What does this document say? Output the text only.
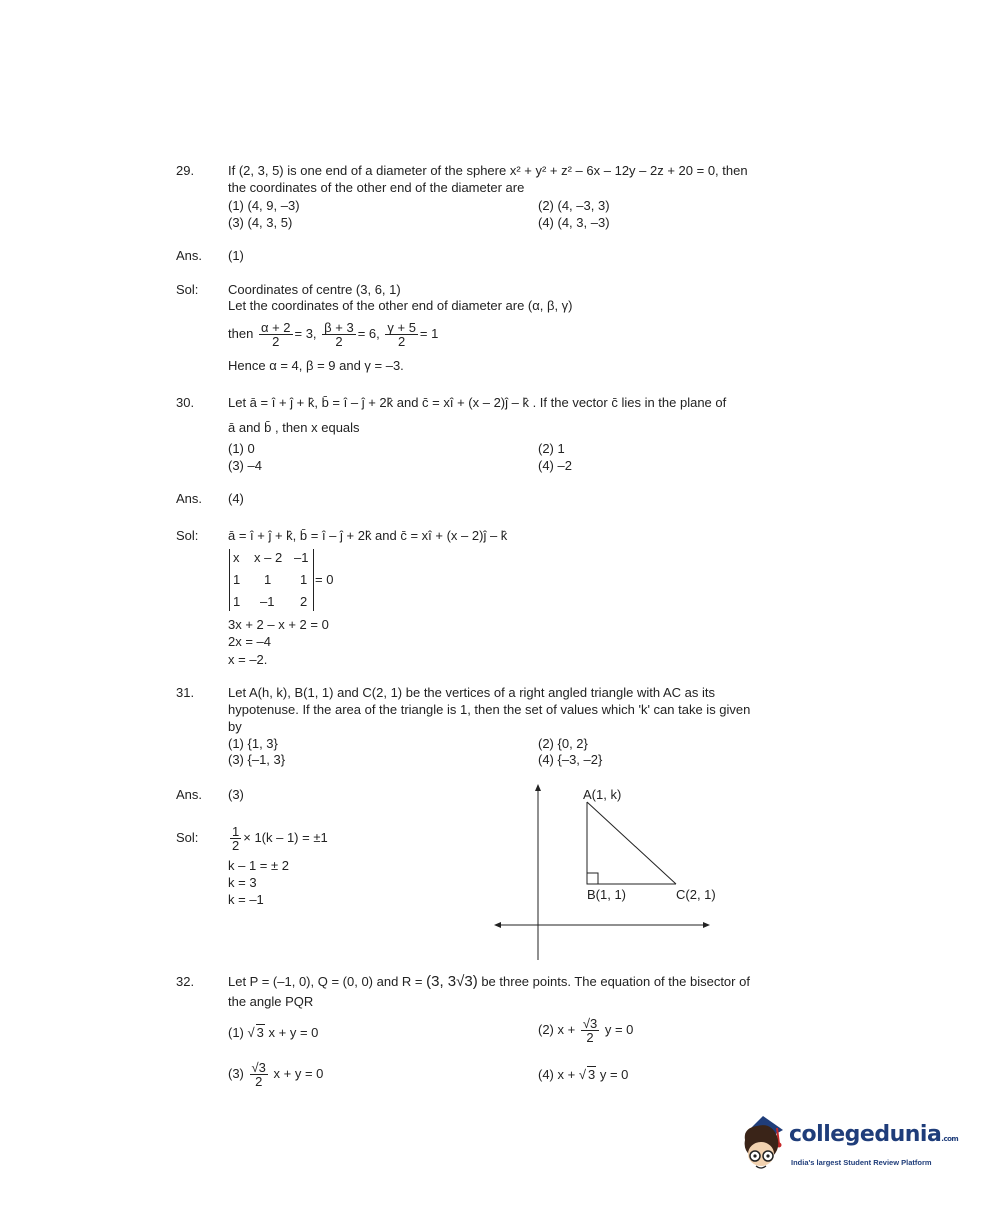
29.	If (2, 3, 5) is one end of a diameter of the sphere x² + y² + z² – 6x – 12y – 2z + 20 = 0, then
the coordinates of the other end of the diameter are
(1) (4, 9, –3)	(2) (4, –3, 3)
(3) (4, 3, 5)	(4) (4, 3, –3)
Ans. (1)
Sol: Coordinates of centre (3, 6, 1)
Let the coordinates of the other end of diameter are (α, β, γ)
then $\frac{\alpha + 2}{2} = 3$, $\frac{\beta + 3}{2} = 6$, $\frac{\gamma + 5}{2} = 1$
Hence α = 4, β = 9 and γ = –3.
30.	Let ā = î + ĵ + k̂, b̄ = î – ĵ + 2k̂ and c̄ = xî + (x – 2)ĵ – k̂ . If the vector c̄ lies in the plane of
ā and b̄ , then x equals
(1) 0	(2) 1
(3) –4	(4) –2
Ans. (4)
Sol: ā = î + ĵ + k̂, b̄ = î – ĵ + 2k̂ and c̄ = xî + (x – 2)ĵ – k̂
x x – 2 –1
1 1 1
1 –1 2
= 0
3x + 2 – x + 2 = 0
2x = –4
x = –2.
31.	Let A(h, k), B(1, 1) and C(2, 1) be the vertices of a right angled triangle with AC as its
hypotenuse. If the area of the triangle is 1, then the set of values which 'k' can take is given
by
(1) {1, 3}	(2) {0, 2}
(3) {–1, 3}	(4) {–3, –2}
Ans. (3)
Sol: $\frac{1}{2} \times 1(k - 1) = \pm 1$
k – 1 = ± 2
k = 3
k = –1
A(1, k)
B(1, 1)	C(2, 1)
32.	Let P = (–1, 0), Q = (0, 0) and R = (3, 3√3) be three points. The equation of the bisector of
the angle PQR
(1) √ 3 x + y = 0	(2) $x + \frac{√3}{2}$ y = 0
$(3) \frac{√3}{2}$ x + y = 0	(4) x + √ 3 y = 0
collegedunia.com
India's largest Student Review Platform
